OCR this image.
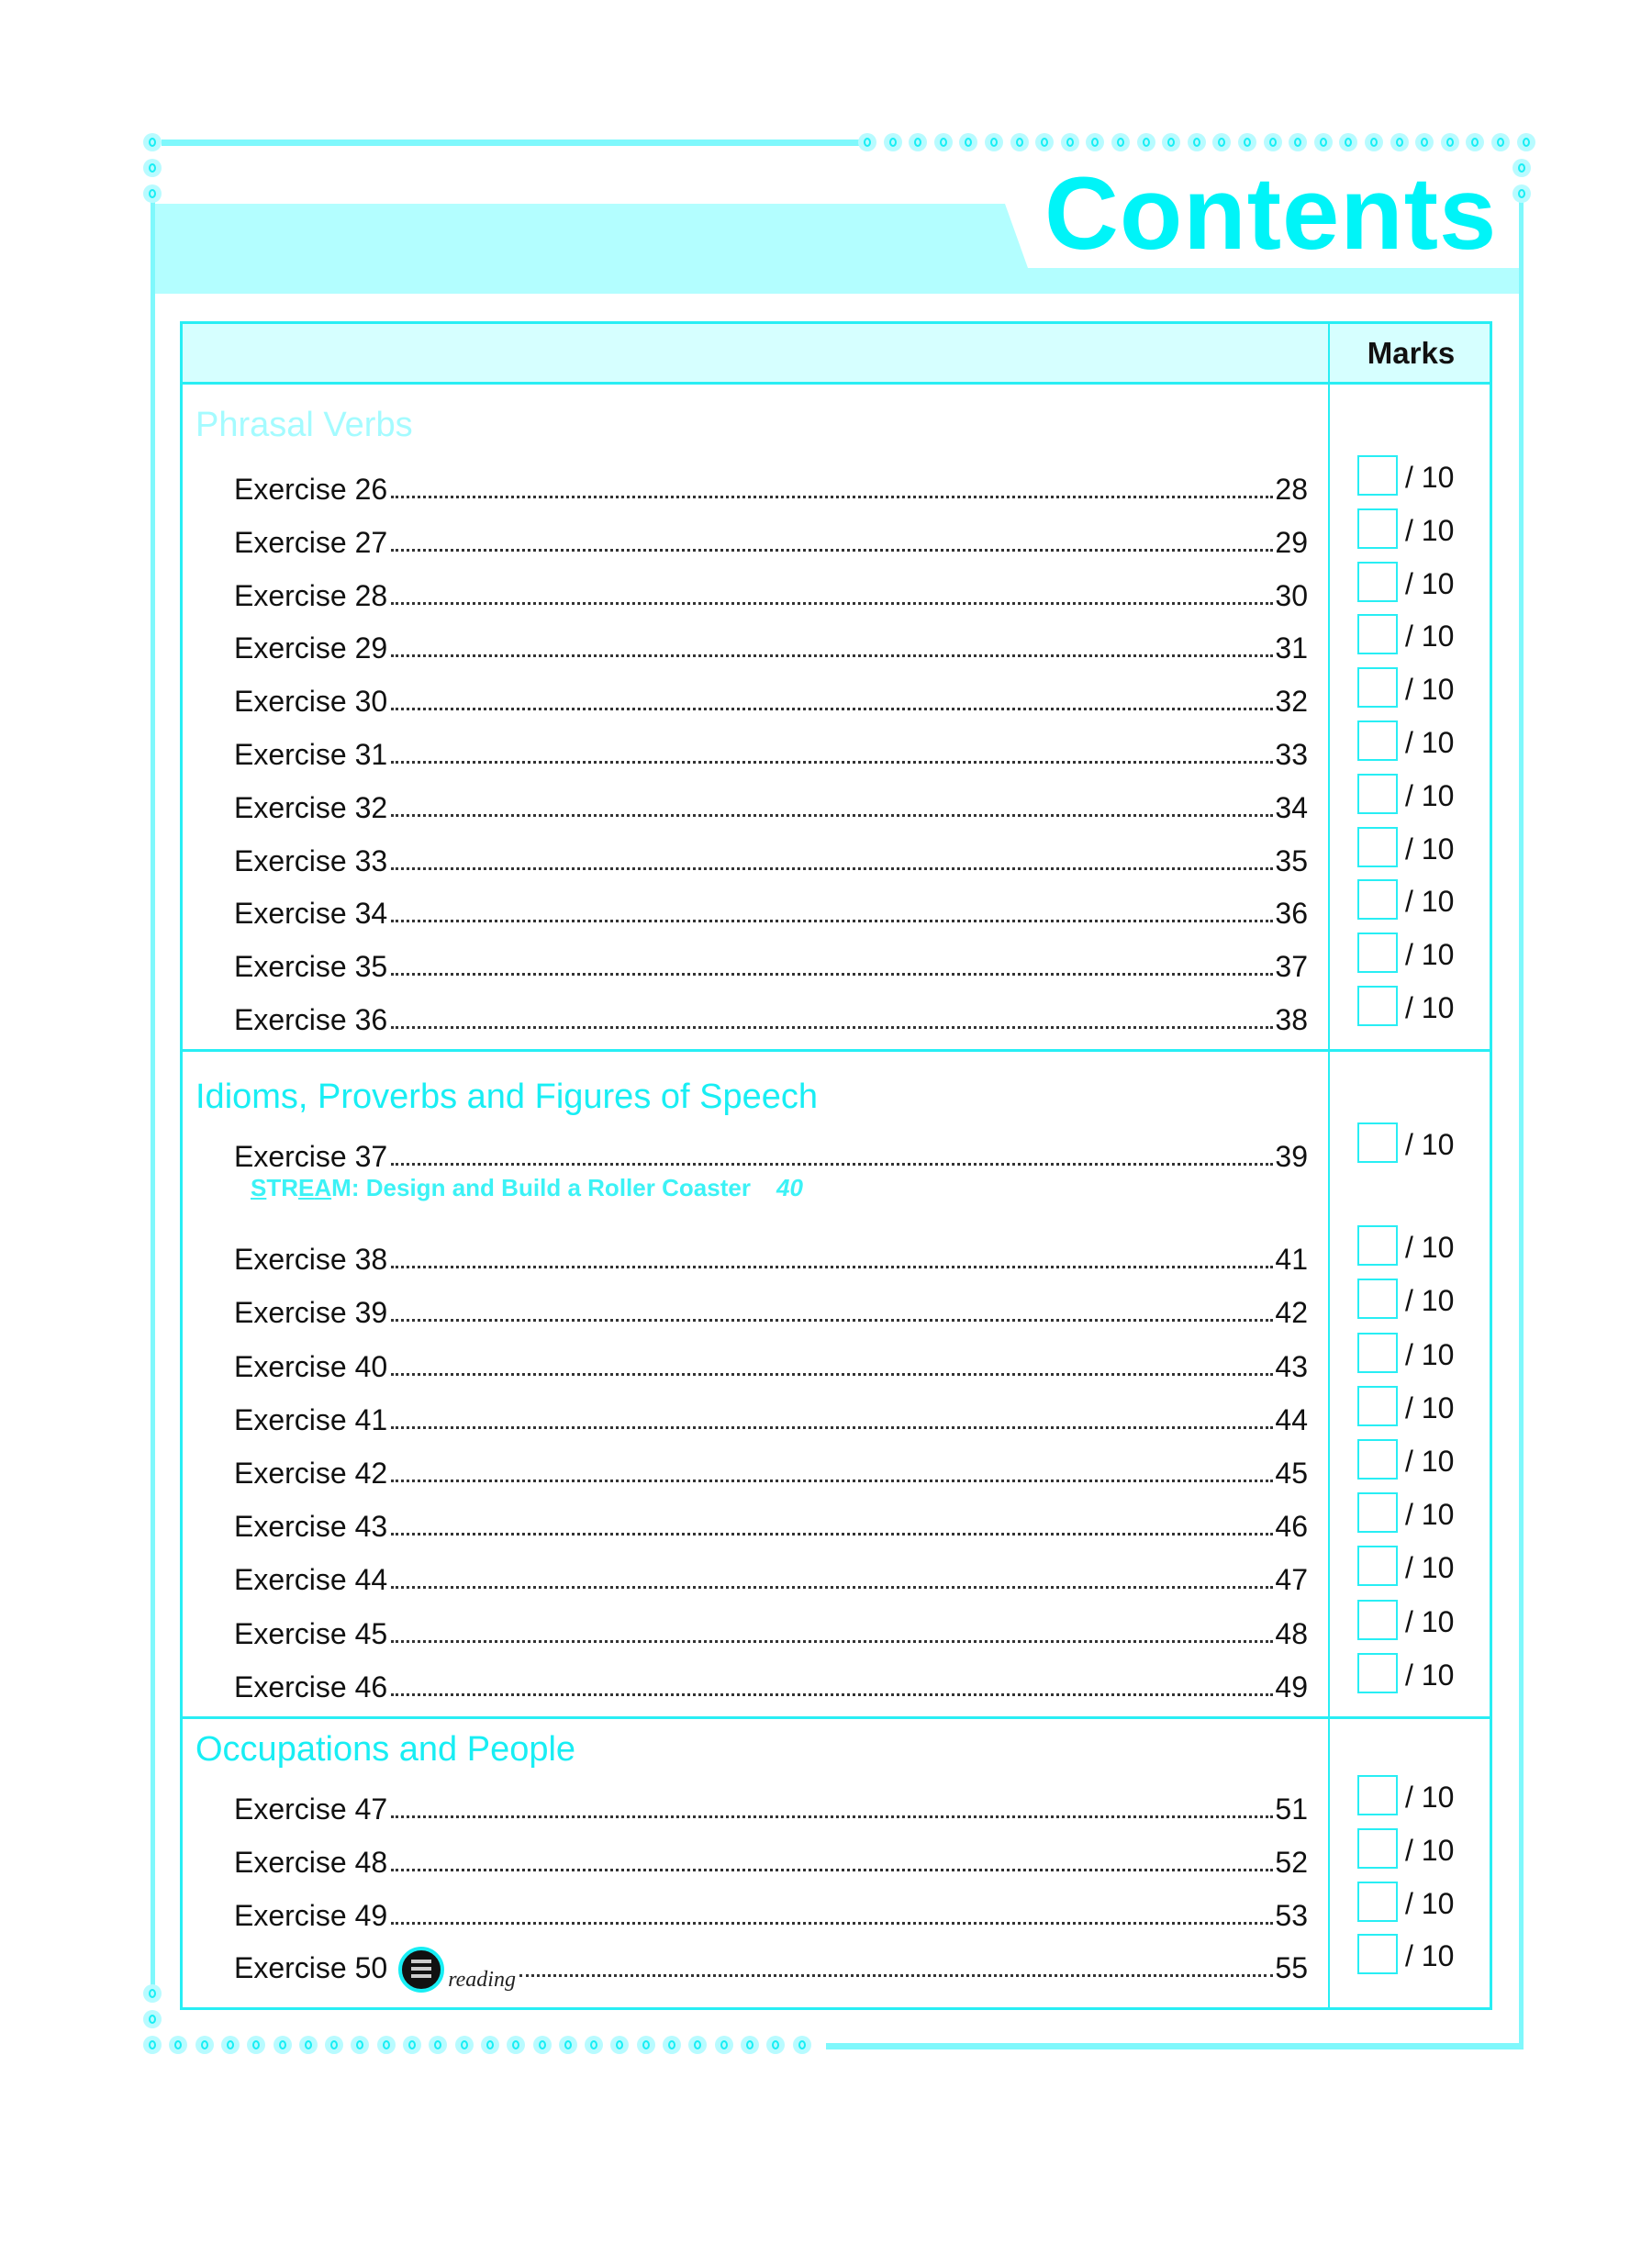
Contents
Marks
Phrasal Verbs
Exercise 26	28	/ 10
Exercise 27	29	/ 10
Exercise 28	30	/ 10
Exercise 29	31	/ 10
Exercise 30	32	/ 10
Exercise 31	33	/ 10
Exercise 32	34	/ 10
Exercise 33	35	/ 10
Exercise 34	36	/ 10
Exercise 35	37	/ 10
Exercise 36	38	/ 10
Idioms, Proverbs and Figures of Speech
Exercise 37	39	/ 10
STREAM: Design and Build a Roller Coaster 40
Exercise 38	41	/ 10
Exercise 39	42	/ 10
Exercise 40	43	/ 10
Exercise 41	44	/ 10
Exercise 42	45	/ 10
Exercise 43	46	/ 10
Exercise 44	47	/ 10
Exercise 45	48	/ 10
Exercise 46	49	/ 10
Occupations and People
Exercise 47	51	/ 10
Exercise 48	52	/ 10
Exercise 49	53	/ 10
Exercise 50	reading	55	/ 10
